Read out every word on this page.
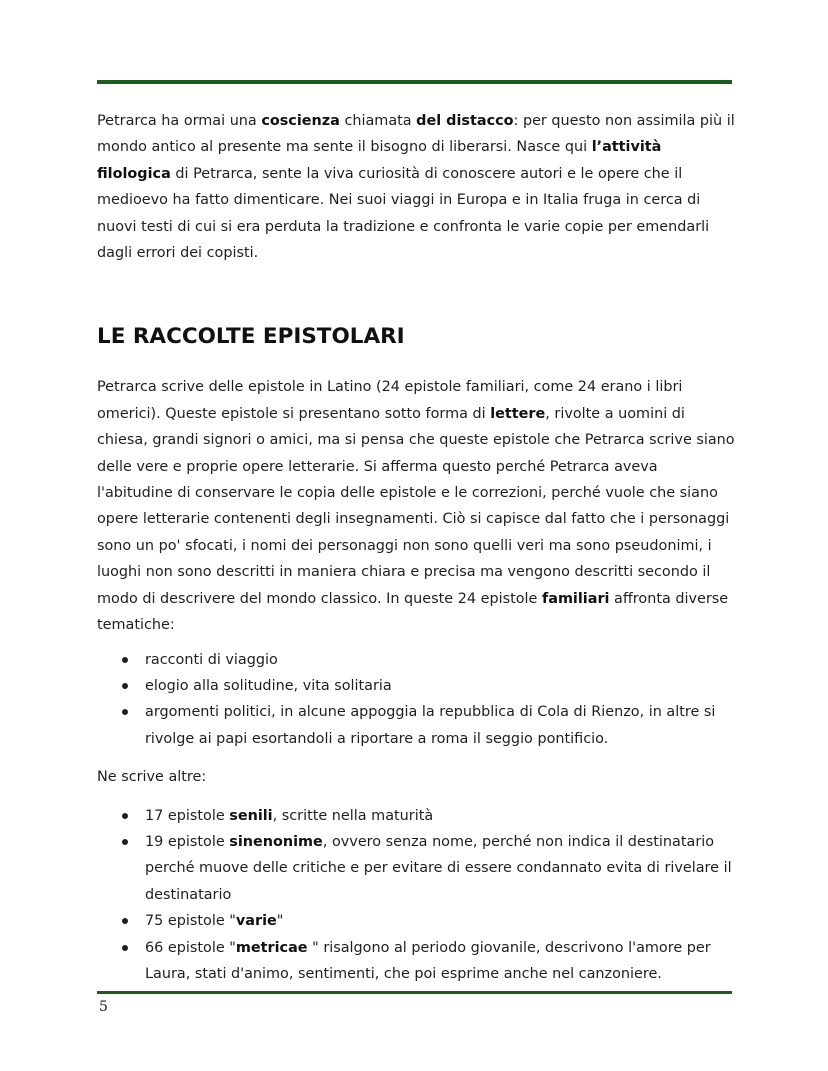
Petrarca ha ormai una coscienza chiamata del distacco: per questo non assimila più il mondo antico al presente ma sente il bisogno di liberarsi. Nasce qui l’attività filologica di Petrarca, sente la viva curiosità di conoscere autori e le opere che il medioevo ha fatto dimenticare. Nei suoi viaggi in Europa e in Italia fruga in cerca di nuovi testi di cui si era perduta la tradizione e confronta le varie copie per emendarli dagli errori dei copisti.

LE RACCOLTE EPISTOLARI

Petrarca scrive delle epistole in Latino (24 epistole familiari, come 24 erano i libri omerici). Queste epistole si presentano sotto forma di lettere, rivolte a uomini di chiesa, grandi signori o amici, ma si pensa che queste epistole che Petrarca scrive siano delle vere e proprie opere letterarie. Si afferma questo perché Petrarca aveva l'abitudine di conservare le copia delle epistole e le correzioni, perché vuole che siano opere letterarie contenenti degli insegnamenti. Ciò si capisce dal fatto che i personaggi sono un po' sfocati, i nomi dei personaggi non sono quelli veri ma sono pseudonimi, i luoghi non sono descritti in maniera chiara e precisa ma vengono descritti secondo il modo di descrivere del mondo classico. In queste 24 epistole familiari affronta diverse tematiche:

racconti di viaggio
elogio alla solitudine, vita solitaria
argomenti politici, in alcune appoggia la repubblica di Cola di Rienzo, in altre si rivolge ai papi esortandoli a riportare a roma il seggio pontificio.

Ne scrive altre:

17 epistole senili, scritte nella maturità
19 epistole sinenonime, ovvero senza nome, perché non indica il destinatario perché muove delle critiche e per evitare di essere condannato evita di rivelare il destinatario
75 epistole "varie"
66 epistole "metricae " risalgono al periodo giovanile, descrivono l'amore per Laura, stati d'animo, sentimenti, che poi esprime anche nel canzoniere.
5
